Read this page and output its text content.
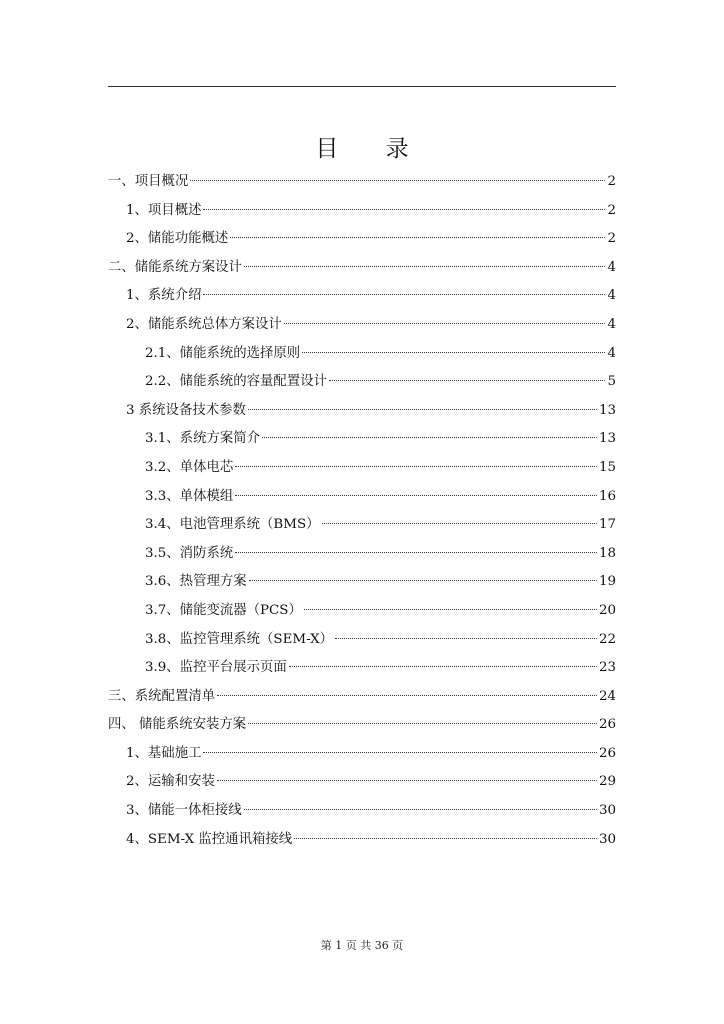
目 录
一、项目概况	2
1、项目概述	2
2、储能功能概述	2
二、储能系统方案设计	4
1、系统介绍	4
2、储能系统总体方案设计	4
2.1、储能系统的选择原则	4
2.2、储能系统的容量配置设计	5
3 系统设备技术参数	13
3.1、系统方案简介	13
3.2、单体电芯	15
3.3、单体模组	16
3.4、电池管理系统（BMS）	17
3.5、消防系统	18
3.6、热管理方案	19
3.7、储能变流器（PCS）	20
3.8、监控管理系统（SEM-X）	22
3.9、监控平台展示页面	23
三、系统配置清单	24
四、 储能系统安装方案	26
1、基础施工	26
2、运输和安装	29
3、储能一体柜接线	30
4、SEM-X 监控通讯箱接线	30
第 1 页 共 36 页
